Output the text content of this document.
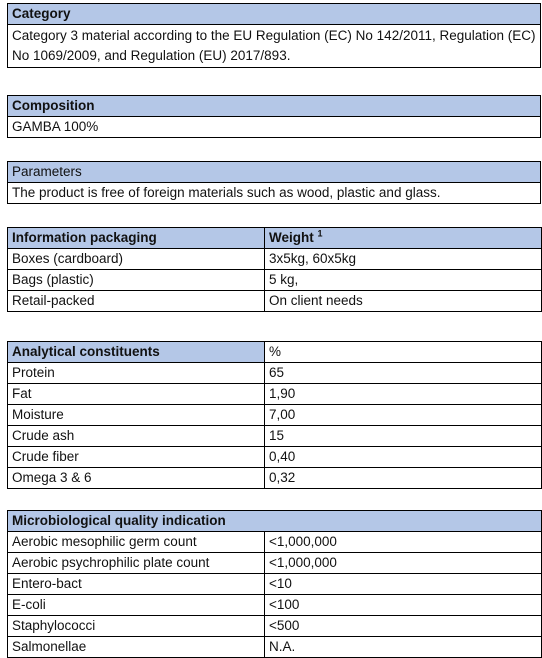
Category
Category 3 material according to the EU Regulation (EC) No 142/2011, Regulation (EC) No 1069/2009, and Regulation (EU) 2017/893.
Composition
GAMBA 100%
Parameters
The product is free of foreign materials such as wood, plastic and glass.
Information packaging	Weight $^1$
Boxes (cardboard)	3x5kg, 60x5kg
Bags (plastic)	5 kg,
Retail-packed	On client needs
Analytical constituents	%
Protein	65
Fat	1,90
Moisture	7,00
Crude ash	15
Crude fiber	0,40
Omega 3 & 6	0,32
Microbiological quality indication	
Aerobic mesophilic germ count	<1,000,000
Aerobic psychrophilic plate count	<1,000,000
Entero-bact	<10
E-coli	<100
Staphylococci	<500
Salmonellae	N.A.
